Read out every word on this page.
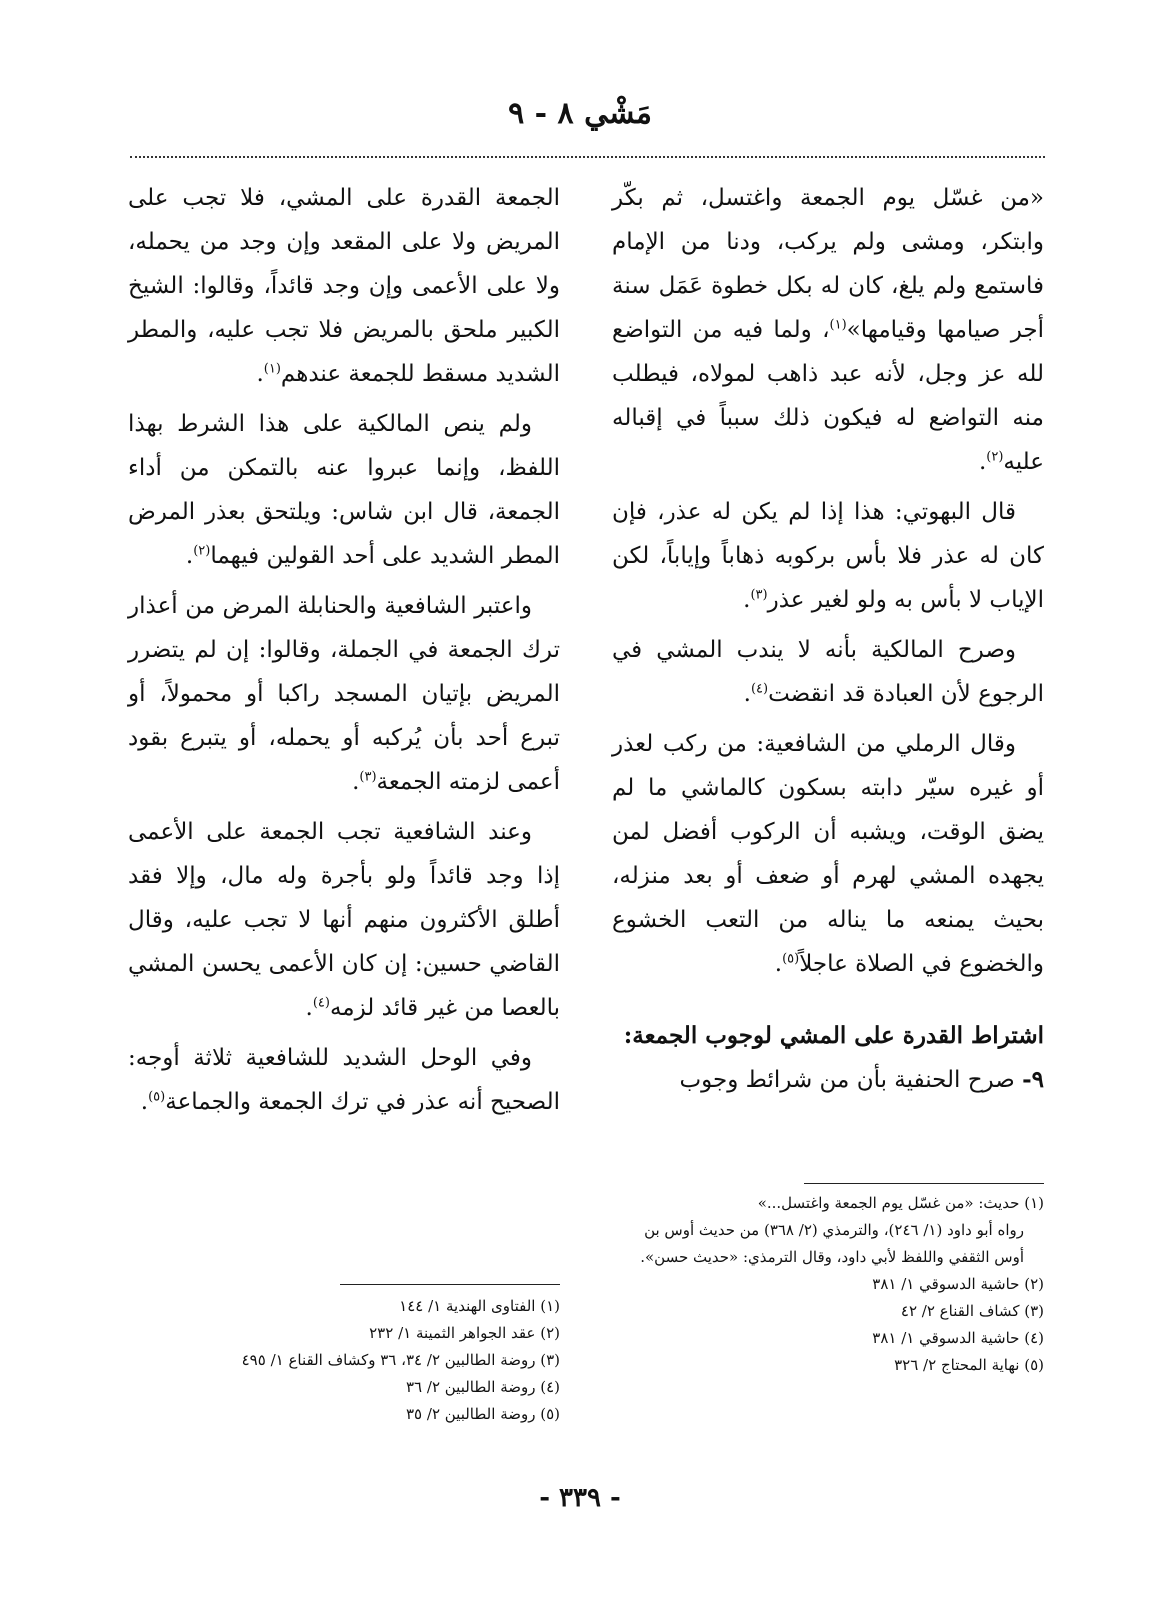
مَشْي ٨ - ٩

«من غسّل يوم الجمعة واغتسل، ثم بكّر وابتكر، ومشى ولم يركب، ودنا من الإمام فاستمع ولم يلغ، كان له بكل خطوة عَمَل سنة أجر صيامها وقيامها»$^{(١)}$، ولما فيه من التواضع لله عز وجل، لأنه عبد ذاهب لمولاه، فيطلب منه التواضع له فيكون ذلك سبباً في إقباله عليه$^{(٢)}$.

قال البهوتي: هذا إذا لم يكن له عذر، فإن كان له عذر فلا بأس بركوبه ذهاباً وإياباً، لكن الإياب لا بأس به ولو لغير عذر$^{(٣)}$.

وصرح المالكية بأنه لا يندب المشي في الرجوع لأن العبادة قد انقضت$^{(٤)}$.

وقال الرملي من الشافعية: من ركب لعذر أو غيره سيّر دابته بسكون كالماشي ما لم يضق الوقت، ويشبه أن الركوب أفضل لمن يجهده المشي لهرم أو ضعف أو بعد منزله، بحيث يمنعه ما يناله من التعب الخشوع والخضوع في الصلاة عاجلاً$^{(٥)}$.

اشتراط القدرة على المشي لوجوب الجمعة:

٩- صرح الحنفية بأن من شرائط وجوب

الجمعة القدرة على المشي، فلا تجب على المريض ولا على المقعد وإن وجد من يحمله، ولا على الأعمى وإن وجد قائداً، وقالوا: الشيخ الكبير ملحق بالمريض فلا تجب عليه، والمطر الشديد مسقط للجمعة عندهم$^{(١)}$.

ولم ينص المالكية على هذا الشرط بهذا اللفظ، وإنما عبروا عنه بالتمكن من أداء الجمعة، قال ابن شاس: ويلتحق بعذر المرض المطر الشديد على أحد القولين فيهما$^{(٢)}$.

واعتبر الشافعية والحنابلة المرض من أعذار ترك الجمعة في الجملة، وقالوا: إن لم يتضرر المريض بإتيان المسجد راكبا أو محمولاً، أو تبرع أحد بأن يُركبه أو يحمله، أو يتبرع بقود أعمى لزمته الجمعة$^{(٣)}$.

وعند الشافعية تجب الجمعة على الأعمى إذا وجد قائداً ولو بأجرة وله مال، وإلا فقد أطلق الأكثرون منهم أنها لا تجب عليه، وقال القاضي حسين: إن كان الأعمى يحسن المشي بالعصا من غير قائد لزمه$^{(٤)}$.

وفي الوحل الشديد للشافعية ثلاثة أوجه: الصحيح أنه عذر في ترك الجمعة والجماعة$^{(٥)}$.

(١) حديث: «من غسّل يوم الجمعة واغتسل...»

رواه أبو داود (١/ ٢٤٦)، والترمذي (٢/ ٣٦٨) من حديث أوس بن أوس الثقفي واللفظ لأبي داود، وقال الترمذي: «حديث حسن».

(٢) حاشية الدسوقي ١/ ٣٨١

(٣) كشاف القناع ٢/ ٤٢

(٤) حاشية الدسوقي ١/ ٣٨١

(٥) نهاية المحتاج ٢/ ٣٢٦

(١) الفتاوى الهندية ١/ ١٤٤

(٢) عقد الجواهر الثمينة ١/ ٢٣٢

(٣) روضة الطالبين ٢/ ٣٤، ٣٦ وكشاف القناع ١/ ٤٩٥

(٤) روضة الطالبين ٢/ ٣٦

(٥) روضة الطالبين ٢/ ٣٥

- ٣٣٩ -
